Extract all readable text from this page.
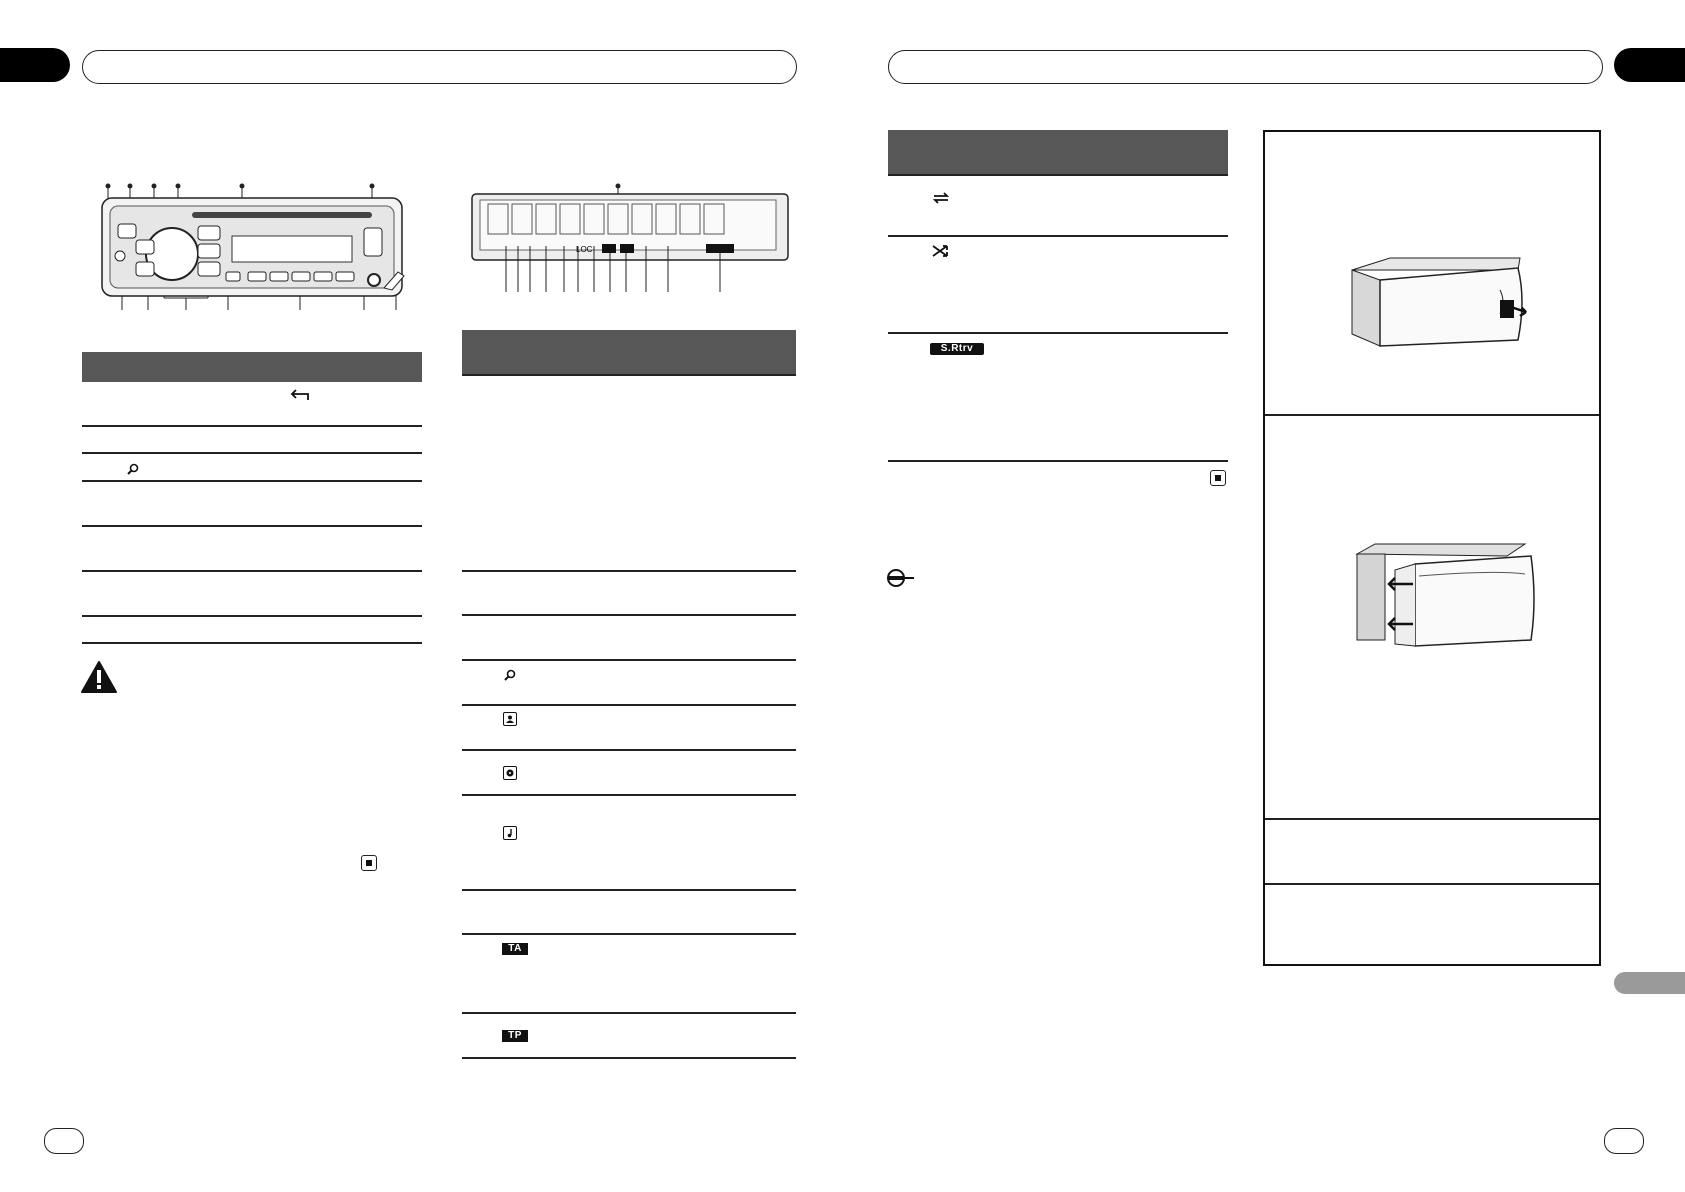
LOC
TA
TP
S.Rtrv
